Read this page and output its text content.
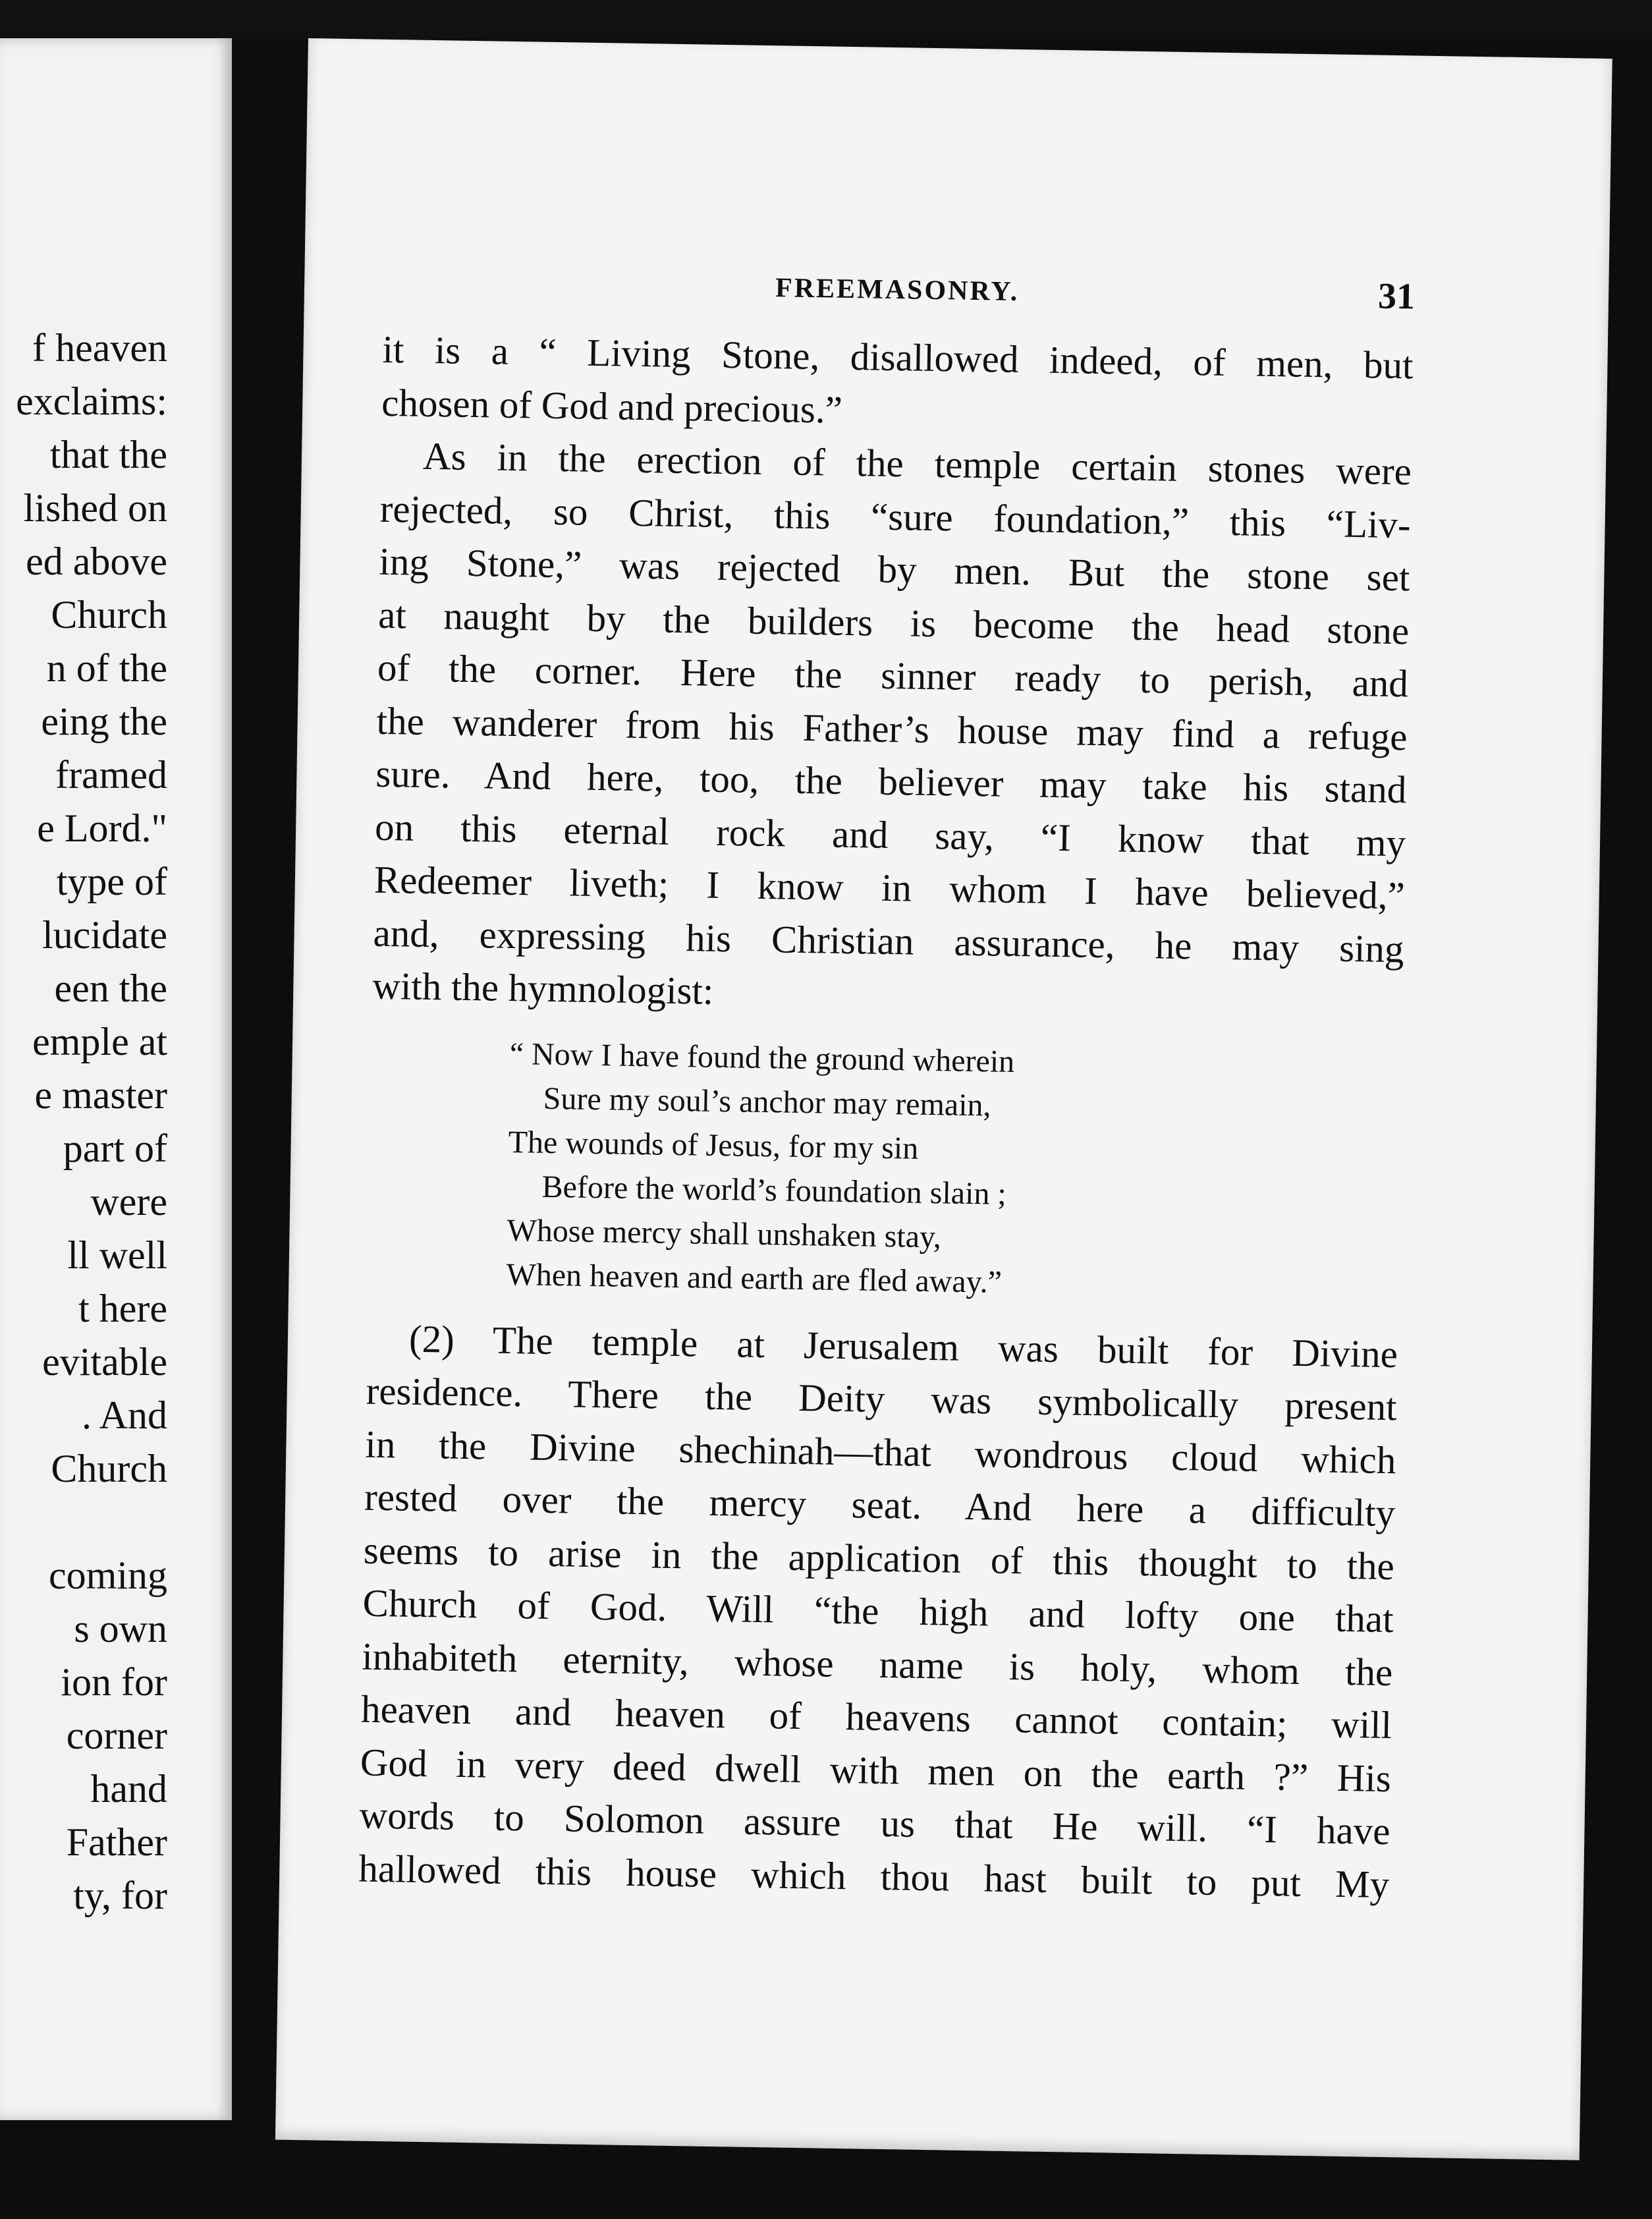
f heaven
exclaims:
that the
lished on
ed above
Church
n of the
eing the
framed
e Lord."
type of
lucidate
een the
emple at
e master
part of
were
ll well
t here
evitable
. And
Church
coming
s own
ion for
corner
hand
Father
ty, for
FREEMASONRY.	31
it is a “ Living Stone, disallowed indeed, of men, but
chosen of God and precious.”
As in the erection of the temple certain stones were
rejected, so Christ, this “sure foundation,” this “Liv-
ing Stone,” was rejected by men. But the stone set
at naught by the builders is become the head stone
of the corner. Here the sinner ready to perish, and
the wanderer from his Father’s house may find a refuge
sure. And here, too, the believer may take his stand
on this eternal rock and say, “I know that my
Redeemer liveth; I know in whom I have believed,”
and, expressing his Christian assurance, he may sing
with the hymnologist:
“ Now I have found the ground wherein
Sure my soul’s anchor may remain,
The wounds of Jesus, for my sin
Before the world’s foundation slain ;
Whose mercy shall unshaken stay,
When heaven and earth are fled away.”
(2) The temple at Jerusalem was built for Divine
residence. There the Deity was symbolically present
in the Divine shechinah—that wondrous cloud which
rested over the mercy seat. And here a difficulty
seems to arise in the application of this thought to the
Church of God. Will “the high and lofty one that
inhabiteth eternity, whose name is holy, whom the
heaven and heaven of heavens cannot contain; will
God in very deed dwell with men on the earth ?” His
words to Solomon assure us that He will. “I have
hallowed this house which thou hast built to put My
